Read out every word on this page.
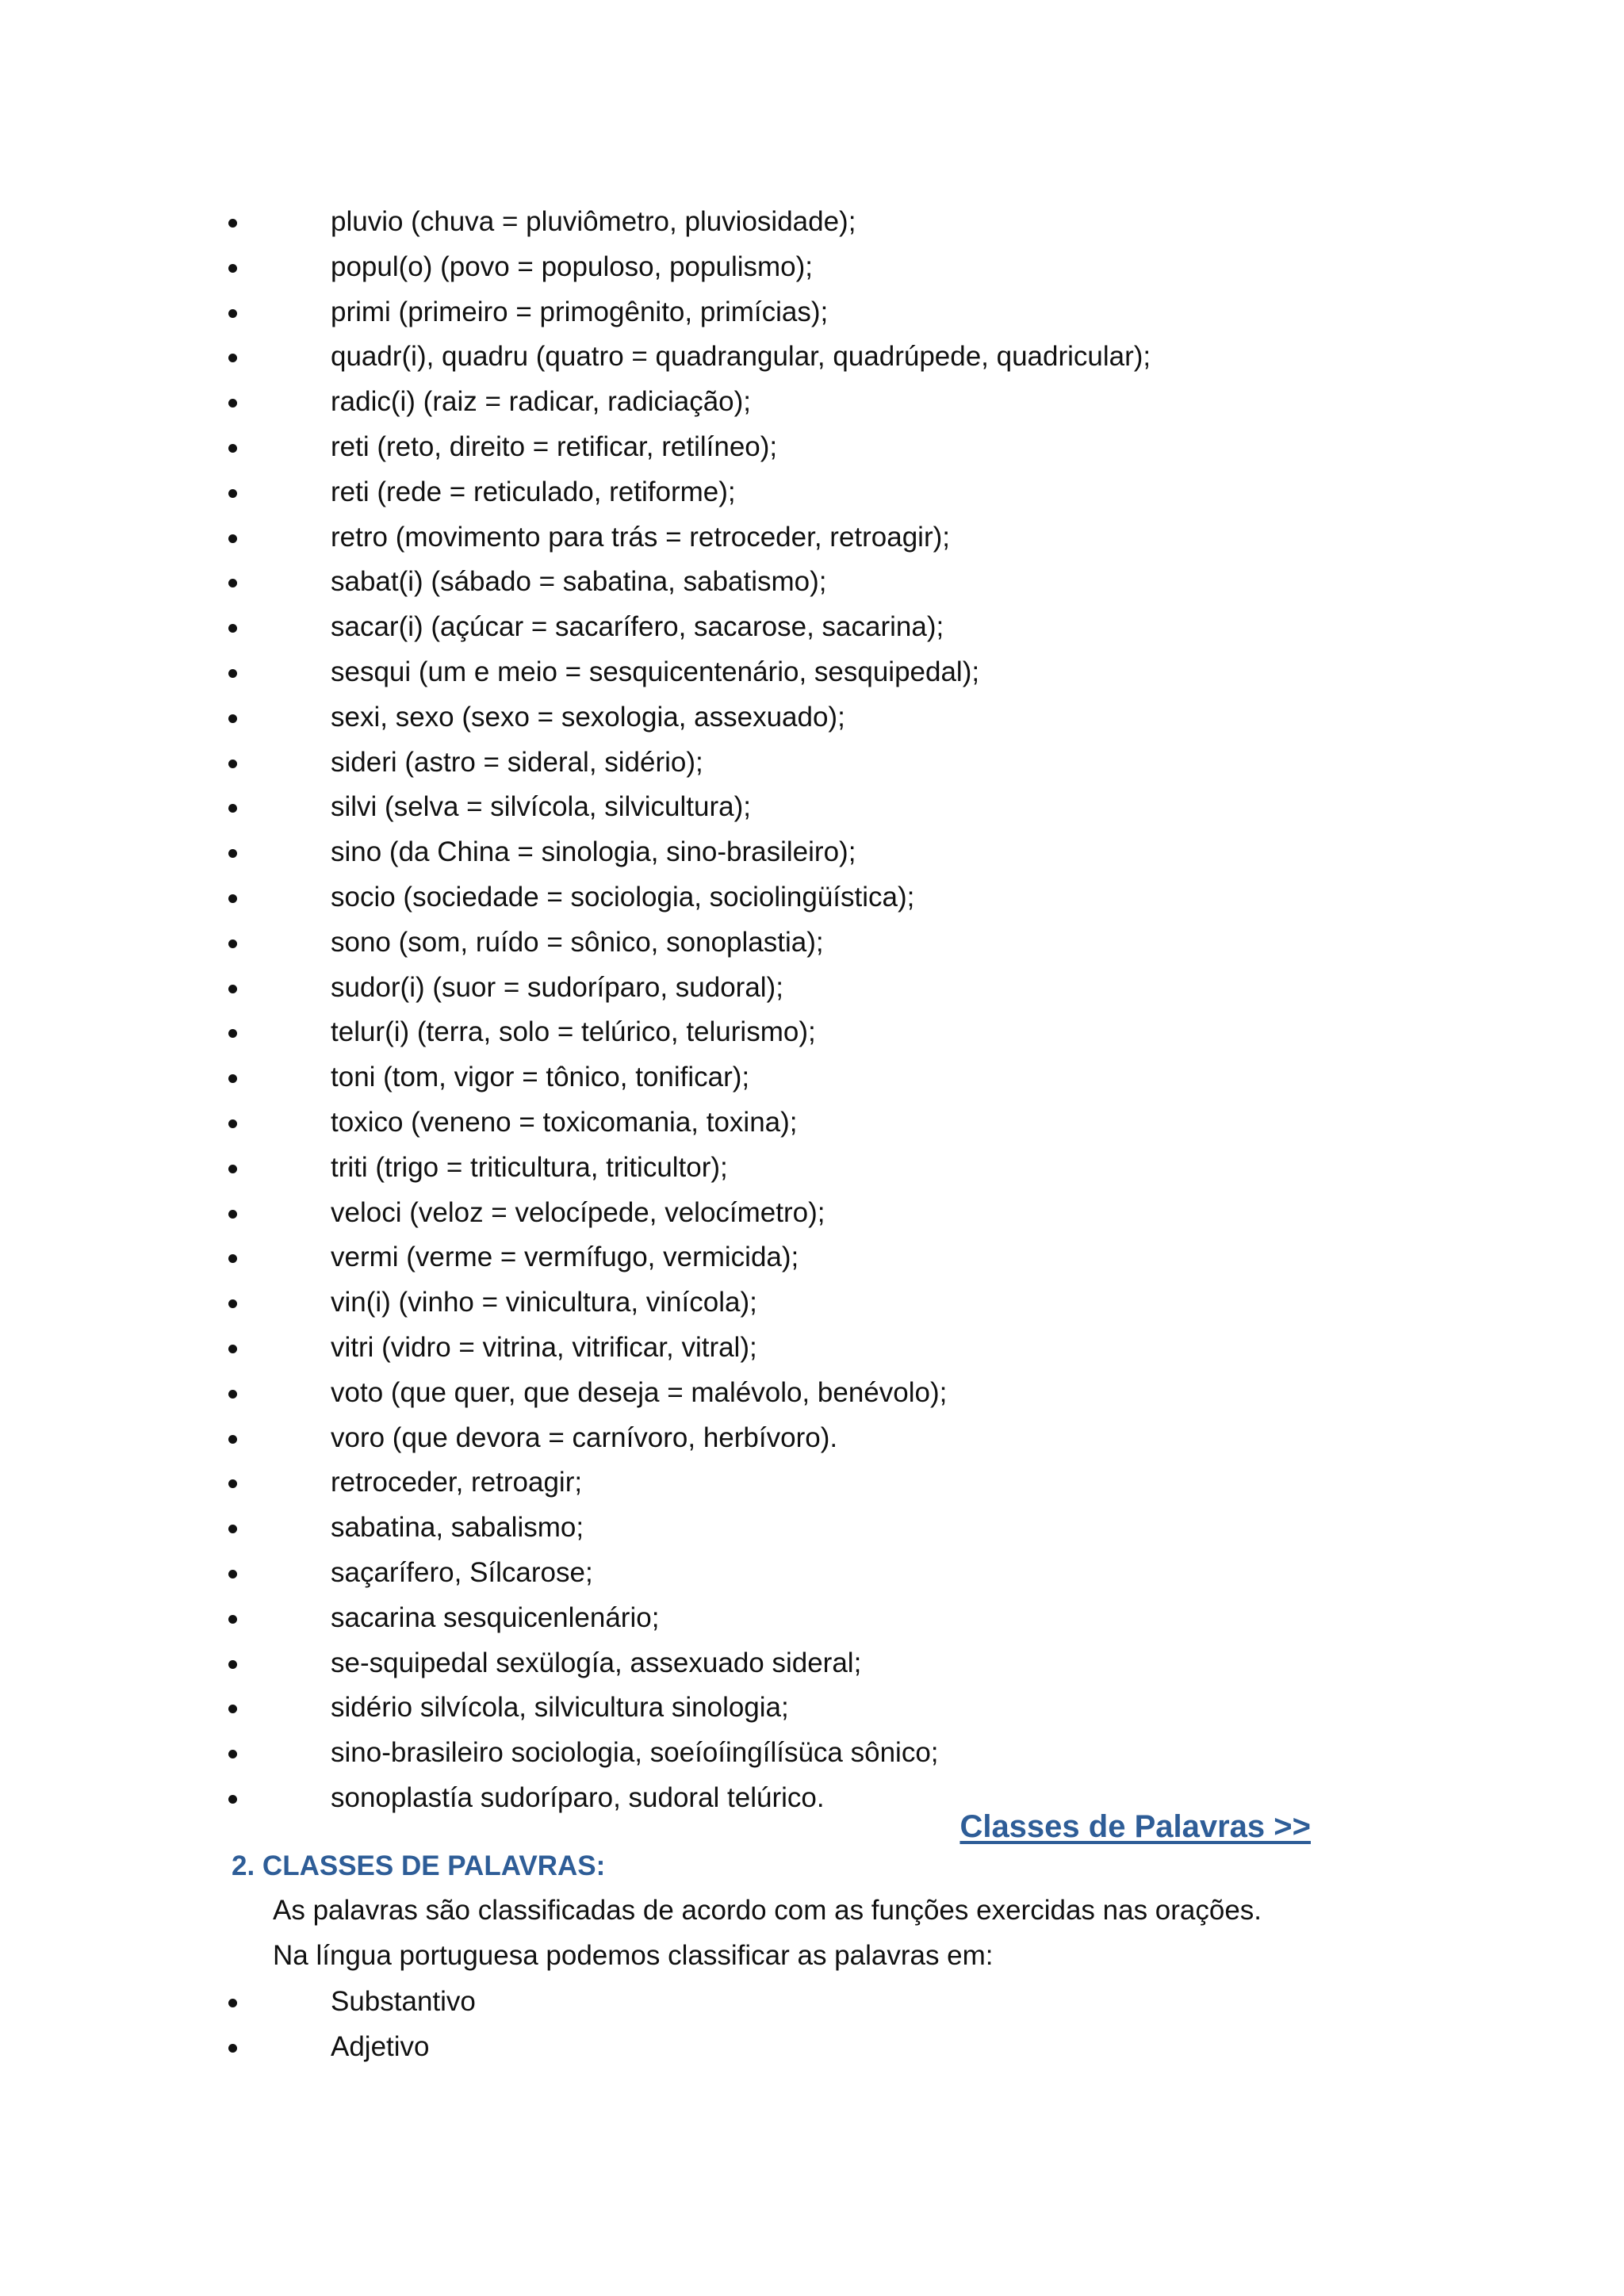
pluvio (chuva = pluviômetro, pluviosidade);
popul(o) (povo = populoso, populismo);
primi (primeiro = primogênito, primícias);
quadr(i), quadru (quatro = quadrangular, quadrúpede, quadricular);
radic(i) (raiz = radicar, radiciação);
reti (reto, direito = retificar, retilíneo);
reti (rede = reticulado, retiforme);
retro (movimento para trás = retroceder, retroagir);
sabat(i) (sábado = sabatina, sabatismo);
sacar(i) (açúcar = sacarífero, sacarose, sacarina);
sesqui (um e meio = sesquicentenário, sesquipedal);
sexi, sexo (sexo = sexologia, assexuado);
sideri (astro = sideral, sidério);
silvi (selva = silvícola, silvicultura);
sino (da China = sinologia, sino-brasileiro);
socio (sociedade = sociologia, sociolingüística);
sono (som, ruído = sônico, sonoplastia);
sudor(i) (suor = sudoríparo, sudoral);
telur(i) (terra, solo = telúrico, telurismo);
toni (tom, vigor = tônico, tonificar);
toxico (veneno = toxicomania, toxina);
triti (trigo = triticultura, triticultor);
veloci (veloz = velocípede, velocímetro);
vermi (verme = vermífugo, vermicida);
vin(i) (vinho = vinicultura, vinícola);
vitri (vidro = vitrina, vitrificar, vitral);
voto (que quer, que deseja = malévolo, benévolo);
voro (que devora = carnívoro, herbívoro).
retroceder, retroagir;
sabatina, sabalismo;
saçarífero, Sílcarose;
sacarina sesquicenlenário;
se-squipedal sexülogía, assexuado sideral;
sidério silvícola, silvicultura sinologia;
sino-brasileiro sociologia, soeíoíingílísüca sônico;
sonoplastía sudoríparo, sudoral telúrico.
Classes de Palavras >>
2. CLASSES DE PALAVRAS:

As palavras são classificadas de acordo com as funções exercidas nas orações.

Na língua portuguesa podemos classificar as palavras em:

Substantivo
Adjetivo
